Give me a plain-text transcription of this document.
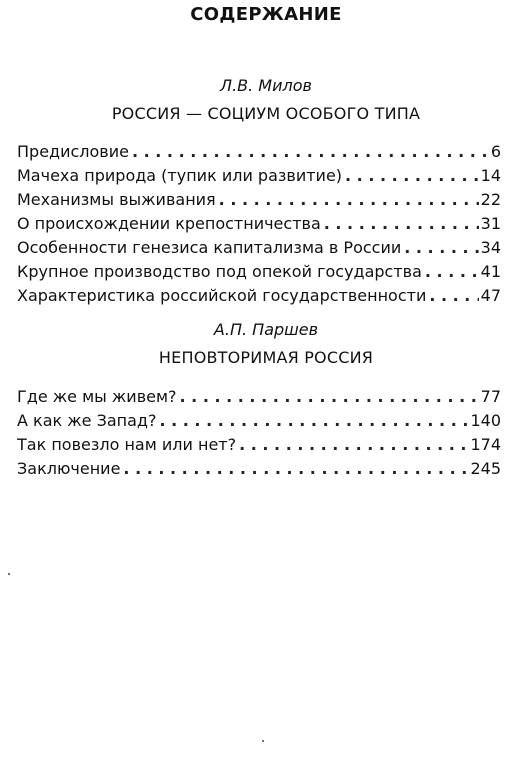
СОДЕРЖАНИЕ
Л.В. Милов
РОССИЯ — СОЦИУМ ОСОБОГО ТИПА
Предисловие . . .	6
Мачеха природа (тупик или развитие) . . .	14
Механизмы выживания . . .	22
О происхождении крепостничества . . .	31
Особенности генезиса капитализма в России . . .	34
Крупное производство под опекой государства . . .	41
Характеристика российской государственности . . .	47
А.П. Паршев
НЕПОВТОРИМАЯ РОССИЯ
Где же мы живем? . . .	77
А как же Запад? . . .	140
Так повезло нам или нет? . . .	174
Заключение . . .	245
